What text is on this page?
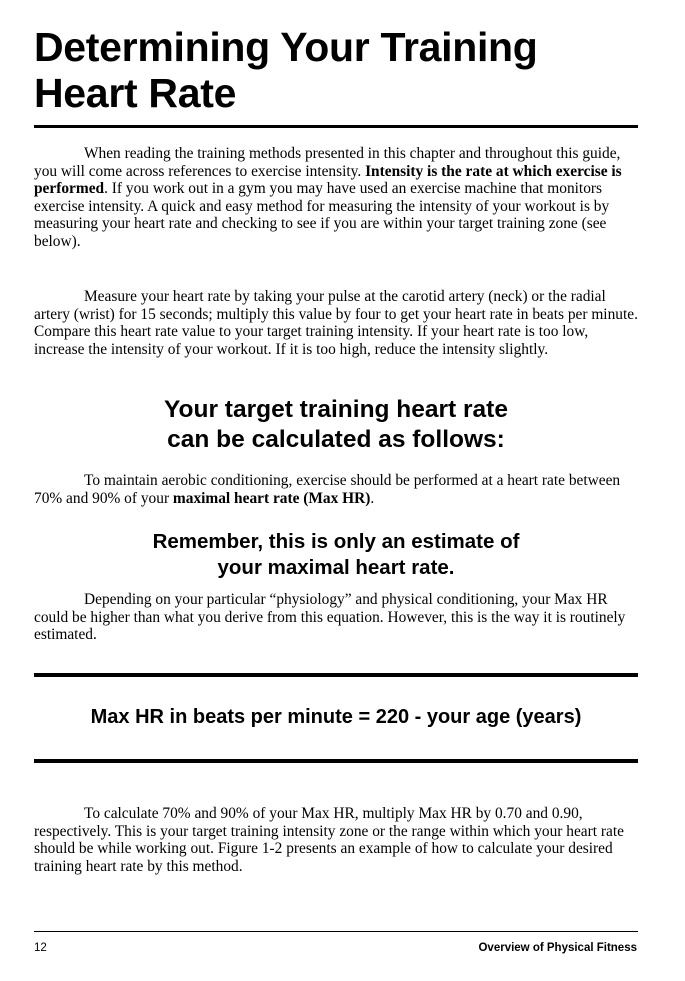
Determining Your Training
Heart Rate

When reading the training methods presented in this chapter and throughout this guide, you will come across references to exercise intensity. Intensity is the rate at which exercise is performed. If you work out in a gym you may have used an exercise machine that monitors exercise intensity. A quick and easy method for measuring the intensity of your workout is by measuring your heart rate and checking to see if you are within your target training zone (see below).

Measure your heart rate by taking your pulse at the carotid artery (neck) or the radial artery (wrist) for 15 seconds; multiply this value by four to get your heart rate in beats per minute. Compare this heart rate value to your target training intensity. If your heart rate is too low, increase the intensity of your workout. If it is too high, reduce the intensity slightly.

Your target training heart rate
can be calculated as follows:

To maintain aerobic conditioning, exercise should be performed at a heart rate between 70% and 90% of your maximal heart rate (Max HR).

Remember, this is only an estimate of
your maximal heart rate.

Depending on your particular “physiology” and physical conditioning, your Max HR could be higher than what you derive from this equation. However, this is the way it is routinely estimated.

Max HR in beats per minute = 220 - your age (years)

To calculate 70% and 90% of your Max HR, multiply Max HR by 0.70 and 0.90, respectively. This is your target training intensity zone or the range within which your heart rate should be while working out. Figure 1-2 presents an example of how to calculate your desired training heart rate by this method.

12	Overview of Physical Fitness
